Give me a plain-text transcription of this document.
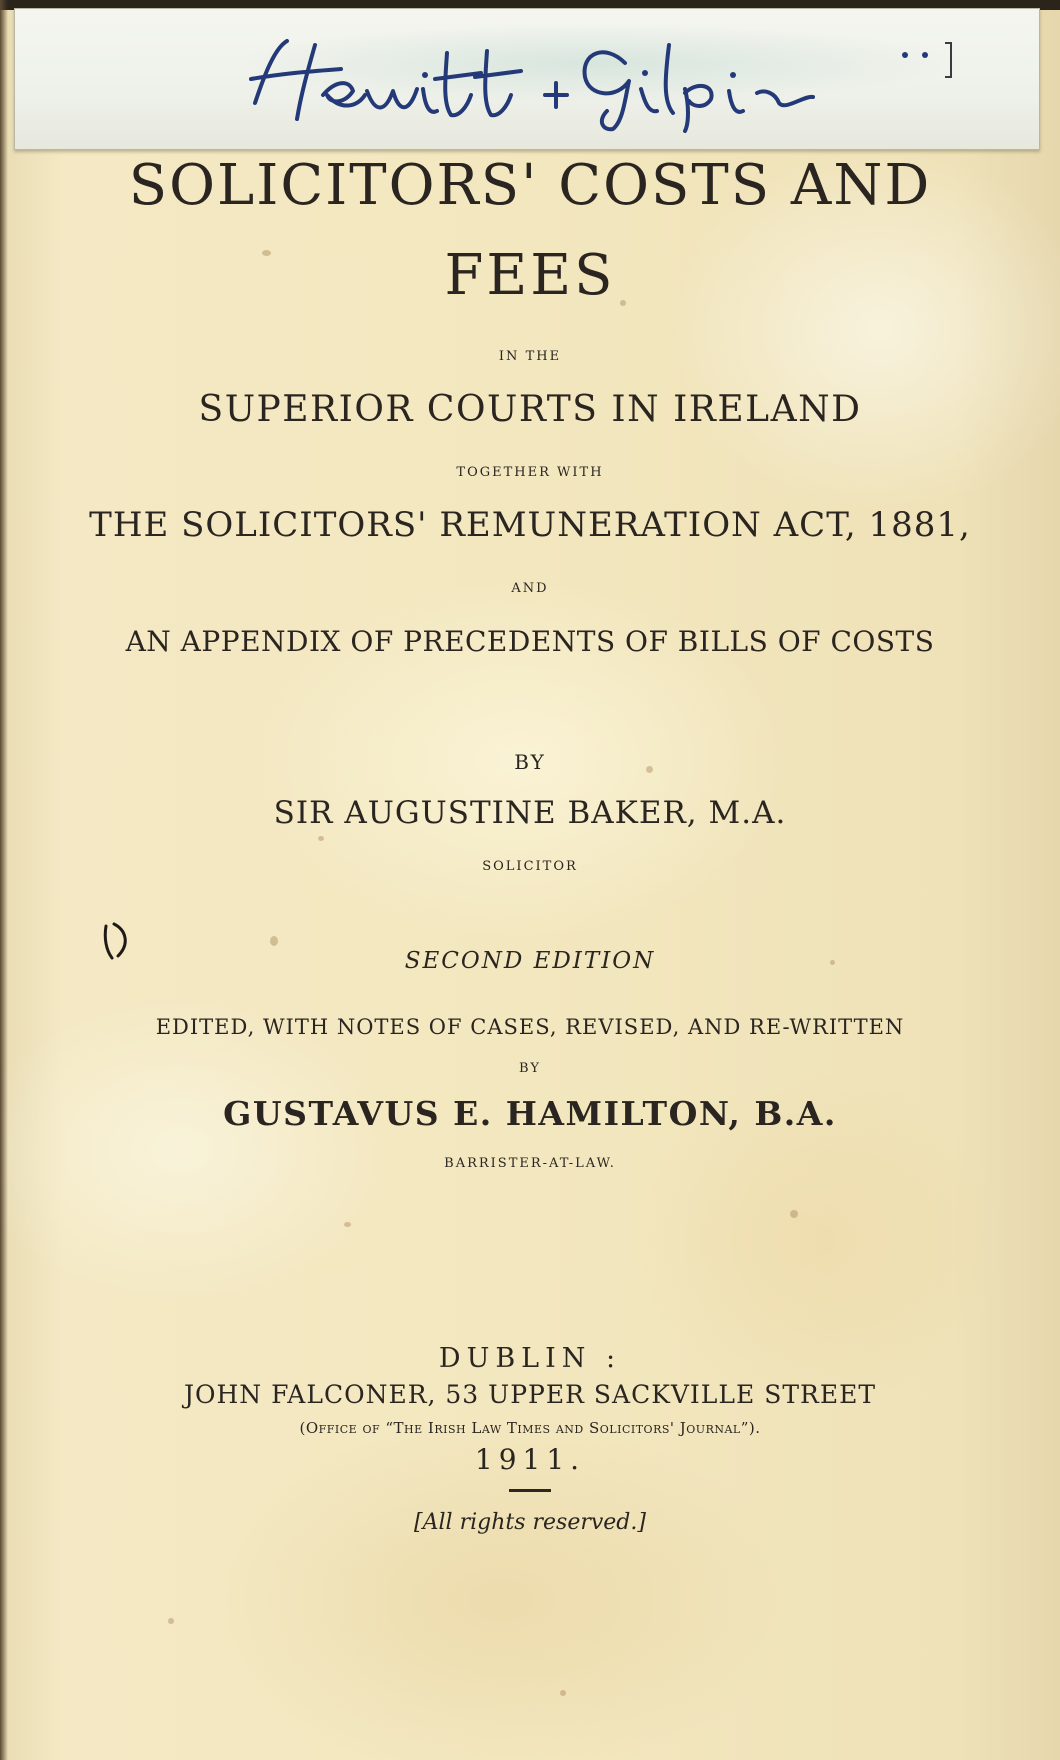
SOLICITORS' COSTS AND
FEES
IN THE
SUPERIOR COURTS IN IRELAND
TOGETHER WITH
THE SOLICITORS' REMUNERATION ACT, 1881,
AND
AN APPENDIX OF PRECEDENTS OF BILLS OF COSTS
BY
SIR AUGUSTINE BAKER, M.A.
SOLICITOR
SECOND EDITION
EDITED, WITH NOTES OF CASES, REVISED, AND RE-WRITTEN
BY
GUSTAVUS E. HAMILTON, B.A.
BARRISTER-AT-LAW.
DUBLIN :
JOHN FALCONER, 53 UPPER SACKVILLE STREET
(Office of “The Irish Law Times and Solicitors' Journal”).
1911.
[All rights reserved.]
